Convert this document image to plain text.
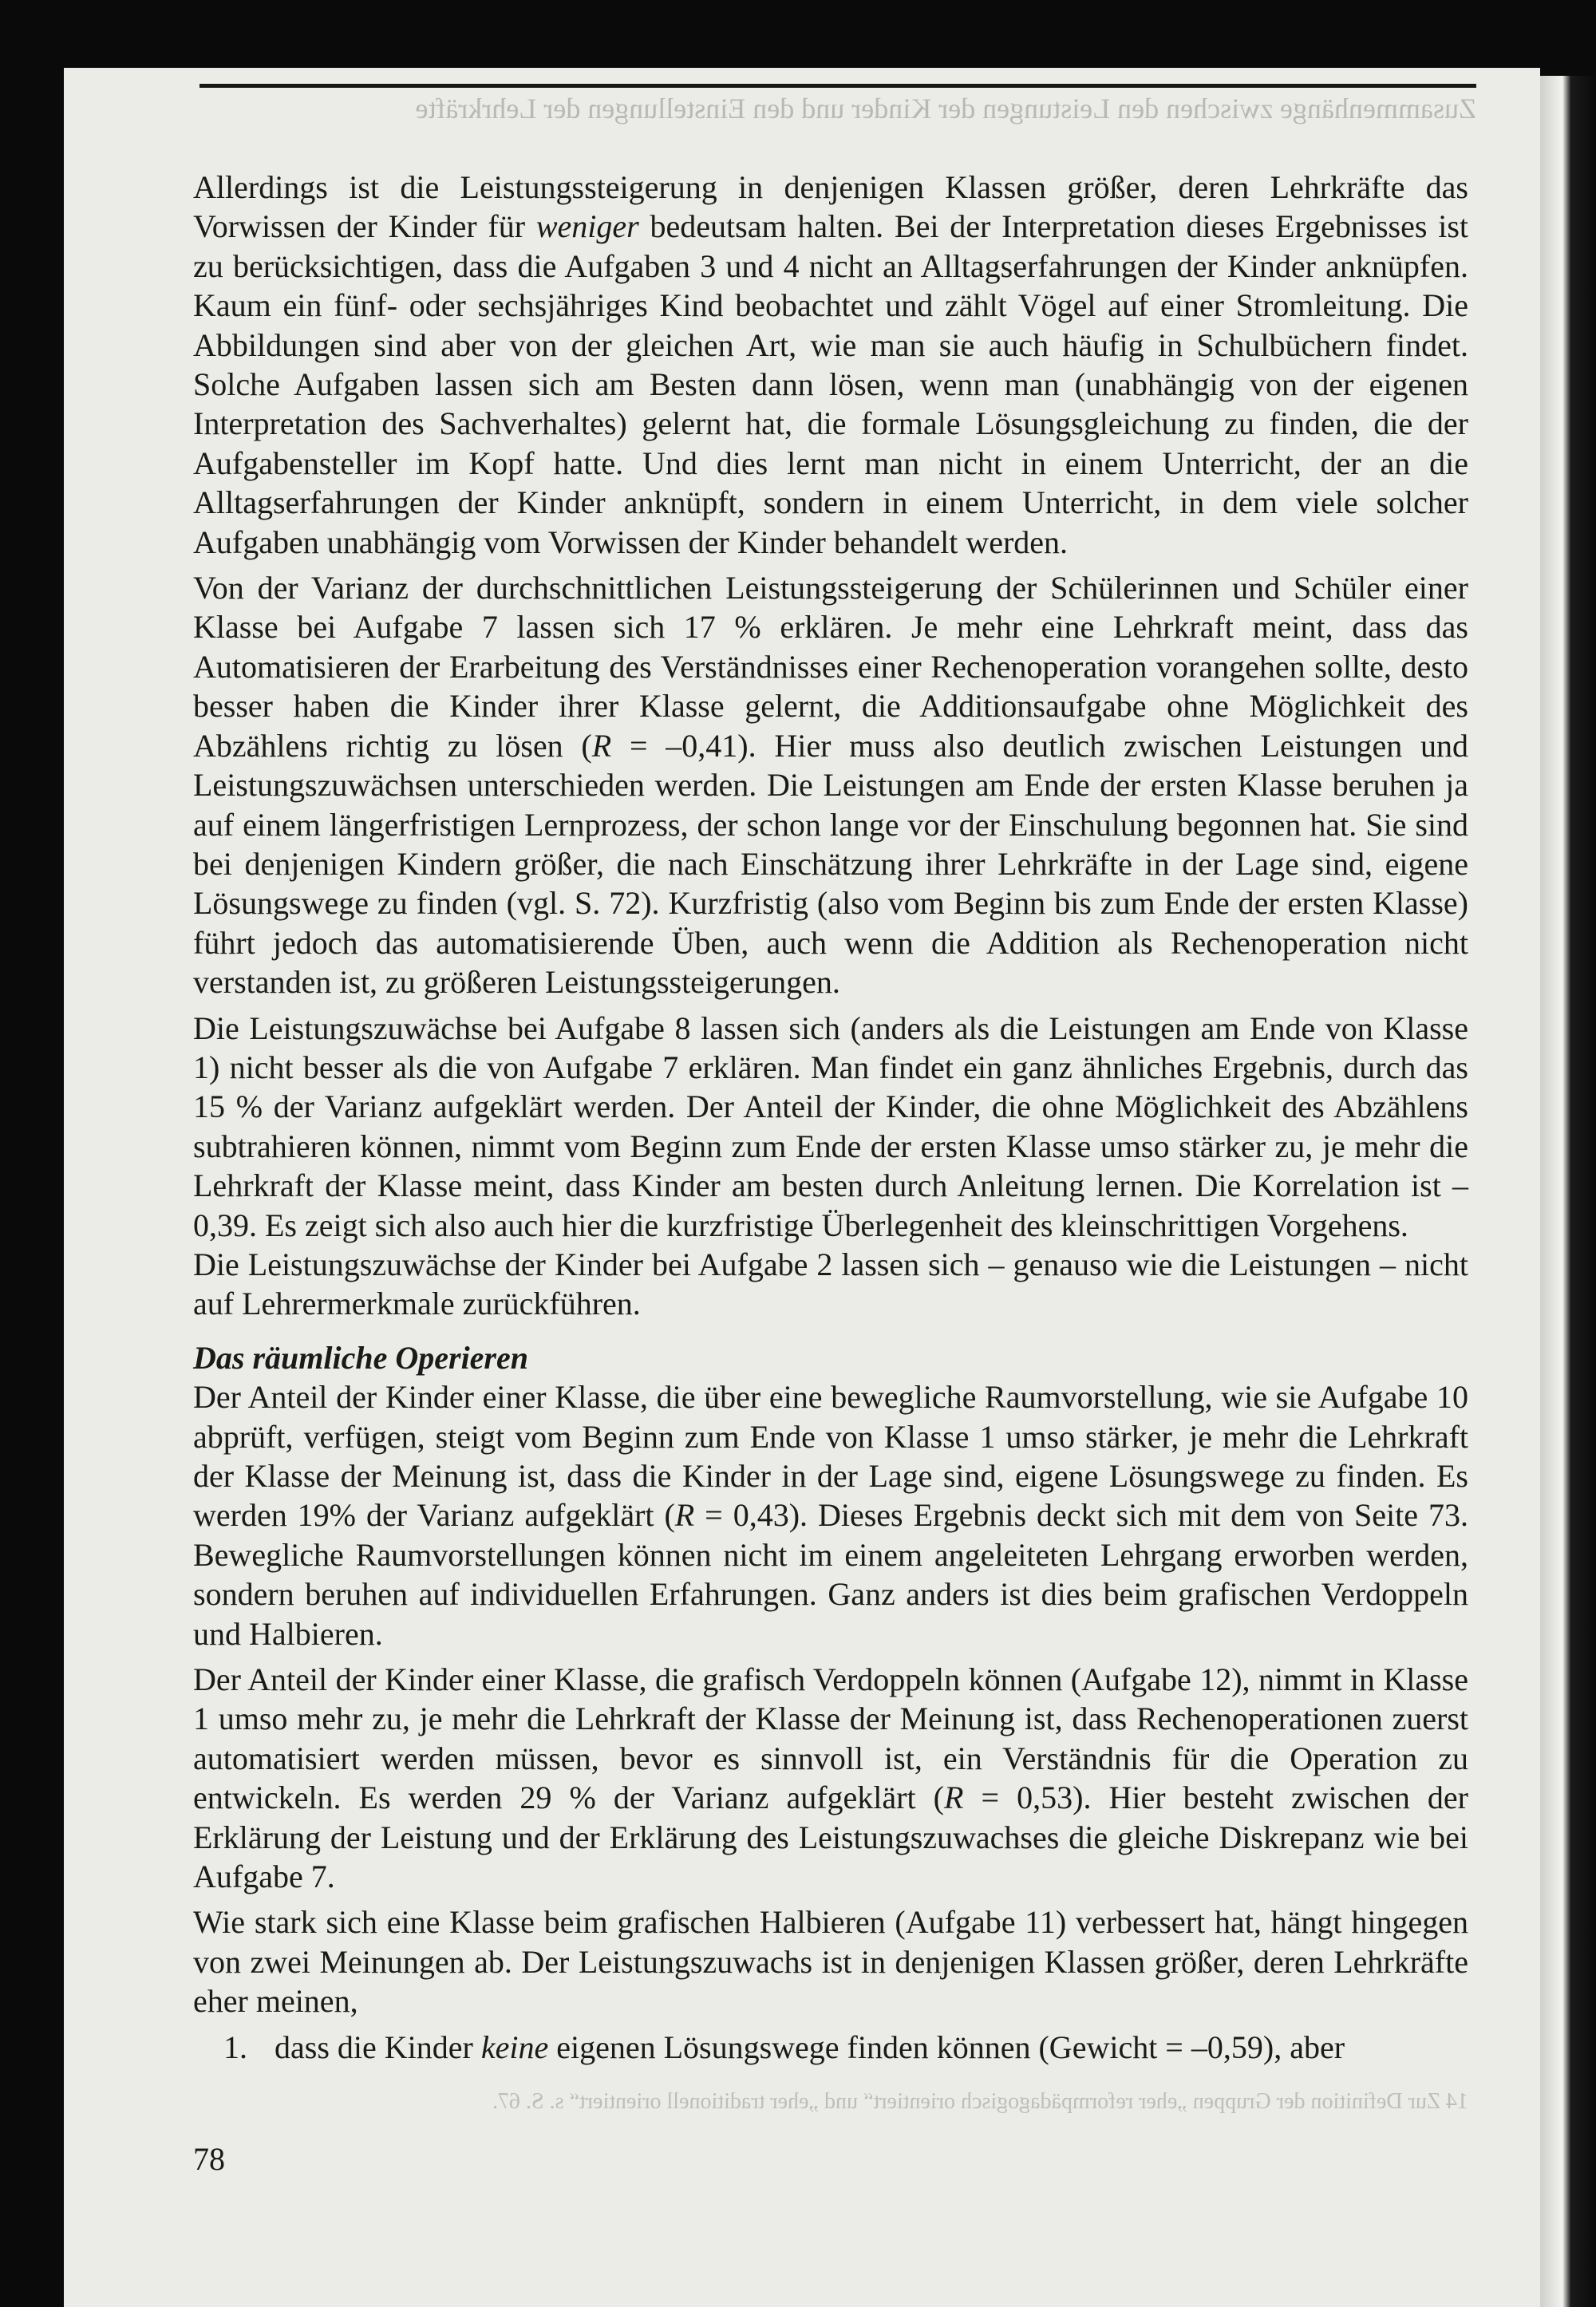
Zusammenhänge zwischen den Leistungen der Kinder und den Einstellungen der Lehrkräfte

Allerdings ist die Leistungssteigerung in denjenigen Klassen größer, deren Lehrkräfte das Vorwissen der Kinder für weniger bedeutsam halten. Bei der Interpretation dieses Ergebnisses ist zu berücksichtigen, dass die Aufgaben 3 und 4 nicht an Alltagserfahrungen der Kinder anknüpfen. Kaum ein fünf- oder sechsjähriges Kind beobachtet und zählt Vögel auf einer Stromleitung. Die Abbildungen sind aber von der gleichen Art, wie man sie auch häufig in Schulbüchern findet. Solche Aufgaben lassen sich am Besten dann lösen, wenn man (unabhängig von der eigenen Interpretation des Sachverhaltes) gelernt hat, die formale Lösungsgleichung zu finden, die der Aufgabensteller im Kopf hatte. Und dies lernt man nicht in einem Unterricht, der an die Alltagserfahrungen der Kinder anknüpft, sondern in einem Unterricht, in dem viele solcher Aufgaben unabhängig vom Vorwissen der Kinder behandelt werden.

Von der Varianz der durchschnittlichen Leistungssteigerung der Schülerinnen und Schüler einer Klasse bei Aufgabe 7 lassen sich 17 % erklären. Je mehr eine Lehrkraft meint, dass das Automatisieren der Erarbeitung des Verständnisses einer Rechenoperation vorangehen sollte, desto besser haben die Kinder ihrer Klasse gelernt, die Additionsaufgabe ohne Möglichkeit des Abzählens richtig zu lösen (R = –0,41). Hier muss also deutlich zwischen Leistungen und Leistungszuwächsen unterschieden werden. Die Leistungen am Ende der ersten Klasse beruhen ja auf einem längerfristigen Lernprozess, der schon lange vor der Einschulung begonnen hat. Sie sind bei denjenigen Kindern größer, die nach Einschätzung ihrer Lehrkräfte in der Lage sind, eigene Lösungswege zu finden (vgl. S. 72). Kurzfristig (also vom Beginn bis zum Ende der ersten Klasse) führt jedoch das automatisierende Üben, auch wenn die Addition als Rechenoperation nicht verstanden ist, zu größeren Leistungssteigerungen.

Die Leistungszuwächse bei Aufgabe 8 lassen sich (anders als die Leistungen am Ende von Klasse 1) nicht besser als die von Aufgabe 7 erklären. Man findet ein ganz ähnliches Ergebnis, durch das 15 % der Varianz aufgeklärt werden. Der Anteil der Kinder, die ohne Möglichkeit des Abzählens subtrahieren können, nimmt vom Beginn zum Ende der ersten Klasse umso stärker zu, je mehr die Lehrkraft der Klasse meint, dass Kinder am besten durch Anleitung lernen. Die Korrelation ist –0,39. Es zeigt sich also auch hier die kurzfristige Überlegenheit des kleinschrittigen Vorgehens.

Die Leistungszuwächse der Kinder bei Aufgabe 2 lassen sich – genauso wie die Leistungen – nicht auf Lehrermerkmale zurückführen.

Das räumliche Operieren

Der Anteil der Kinder einer Klasse, die über eine bewegliche Raumvorstellung, wie sie Aufgabe 10 abprüft, verfügen, steigt vom Beginn zum Ende von Klasse 1 umso stärker, je mehr die Lehrkraft der Klasse der Meinung ist, dass die Kinder in der Lage sind, eigene Lösungswege zu finden. Es werden 19% der Varianz aufgeklärt (R = 0,43). Dieses Ergebnis deckt sich mit dem von Seite 73. Bewegliche Raumvorstellungen können nicht im einem angeleiteten Lehrgang erworben werden, sondern beruhen auf individuellen Erfahrungen. Ganz anders ist dies beim grafischen Verdoppeln und Halbieren.

Der Anteil der Kinder einer Klasse, die grafisch Verdoppeln können (Aufgabe 12), nimmt in Klasse 1 umso mehr zu, je mehr die Lehrkraft der Klasse der Meinung ist, dass Rechenoperationen zuerst automatisiert werden müssen, bevor es sinnvoll ist, ein Verständnis für die Operation zu entwickeln. Es werden 29 % der Varianz aufgeklärt (R = 0,53). Hier besteht zwischen der Erklärung der Leistung und der Erklärung des Leistungszuwachses die gleiche Diskrepanz wie bei Aufgabe 7.

Wie stark sich eine Klasse beim grafischen Halbieren (Aufgabe 11) verbessert hat, hängt hingegen von zwei Meinungen ab. Der Leistungszuwachs ist in denjenigen Klassen größer, deren Lehrkräfte eher meinen,

1. dass die Kinder keine eigenen Lösungswege finden können (Gewicht = –0,59), aber
14 Zur Definition der Gruppen „eher reformpädagogisch orientiert“ und „eher traditionell orientiert“ s. S. 67.
78
